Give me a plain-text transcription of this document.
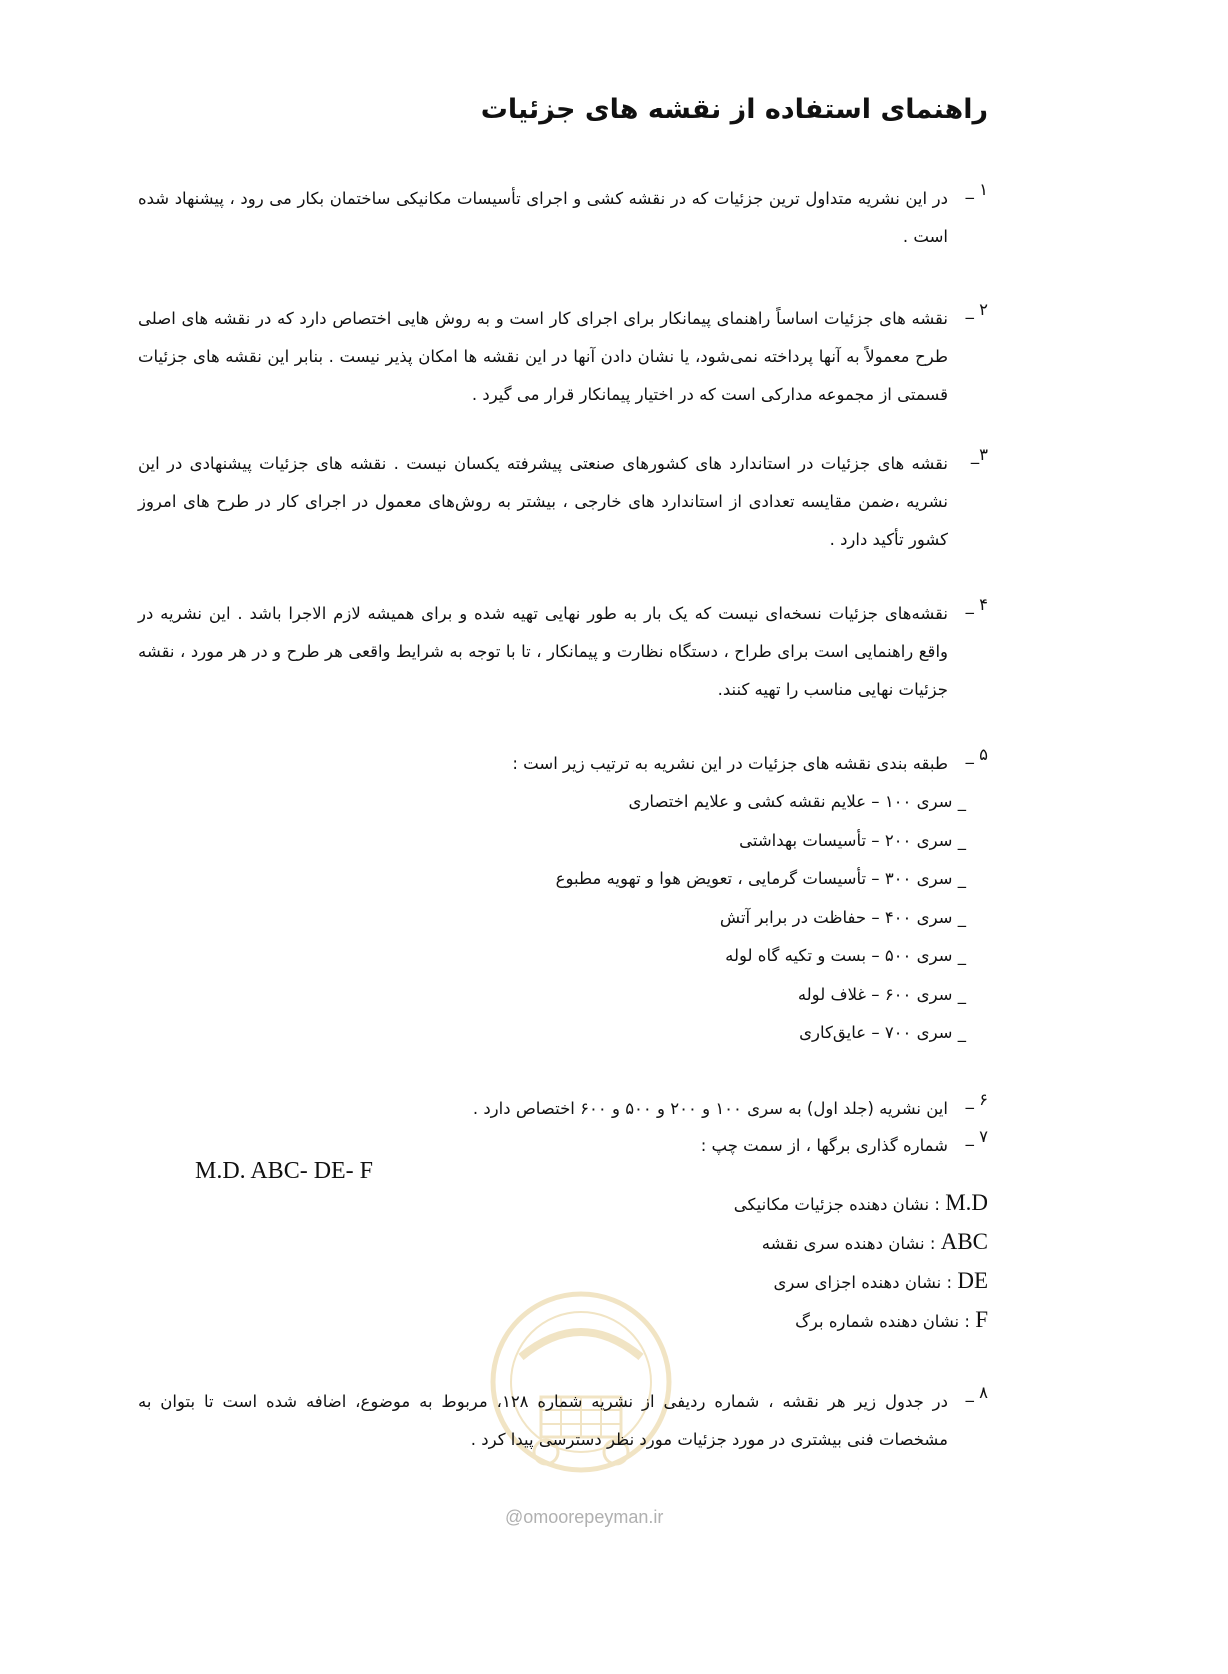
راهنمای استفاده از نقشه های جزئیات
۱ _
در این نشریه متداول ترین جزئیات که در نقشه کشی و اجرای تأسیسات مکانیکی ساختمان بکار می رود ، پیشنهاد شده است .
۲ _
نقشه های جزئیات اساساً راهنمای پیمانکار برای اجرای کار است و به روش هایی اختصاص دارد که در نقشه های اصلی طرح معمولاً به آنها پرداخته نمی‌شود، یا نشان دادن آنها در این نقشه ها امکان پذیر نیست . بنابر این نقشه های جزئیات قسمتی از مجموعه مدارکی است که در اختیار پیمانکار قرار می گیرد .
۳_
نقشه های جزئیات در استاندارد های کشورهای صنعتی پیشرفته یکسان نیست . نقشه های جزئیات پیشنهادی در این نشریه ،ضمن مقایسه تعدادی از استاندارد های خارجی ، بیشتر به روش‌های معمول در اجرای کار در طرح های امروز کشور تأکید دارد .
۴ _
نقشه‌های جزئیات نسخه‌ای نیست که یک بار به طور نهایی تهیه شده و برای همیشه لازم الاجرا باشد . این نشریه در واقع راهنمایی است برای طراح ، دستگاه نظارت و پیمانکار ، تا با توجه به شرایط واقعی هر طرح و در هر مورد ، نقشه جزئیات نهایی مناسب را تهیه کنند.
۵ _
طبقه بندی نقشه های جزئیات در این نشریه به ترتیب زیر است :
_ سری ۱۰۰ – علایم نقشه کشی و علایم اختصاری
_ سری ۲۰۰ – تأسیسات بهداشتی
_ سری ۳۰۰ – تأسیسات گرمایی ، تعویض هوا و تهویه مطبوع
_ سری ۴۰۰ – حفاظت در برابر آتش
_ سری ۵۰۰ – بست و تکیه گاه لوله
_ سری ۶۰۰ – غلاف لوله
_ سری ۷۰۰ – عایق‌کاری
۶ _
این نشریه (جلد اول) به سری ۱۰۰ و ۲۰۰ و ۵۰۰ و ۶۰۰ اختصاص دارد .
۷ _
شماره گذاری برگها ، از سمت چپ :

M.D. ABC- DE- F

M.D : نشان دهنده جزئیات مکانیکی
ABC : نشان دهنده سری نقشه
DE : نشان دهنده اجزای سری
F : نشان دهنده شماره برگ
۸ _
در جدول زیر هر نقشه ، شماره ردیفی از نشریه شماره ۱۲۸، مربوط به موضوع، اضافه شده است تا بتوان به مشخصات فنی بیشتری در مورد جزئیات مورد نظر دسترسی پیدا کرد .
@omoorepeyman.ir
